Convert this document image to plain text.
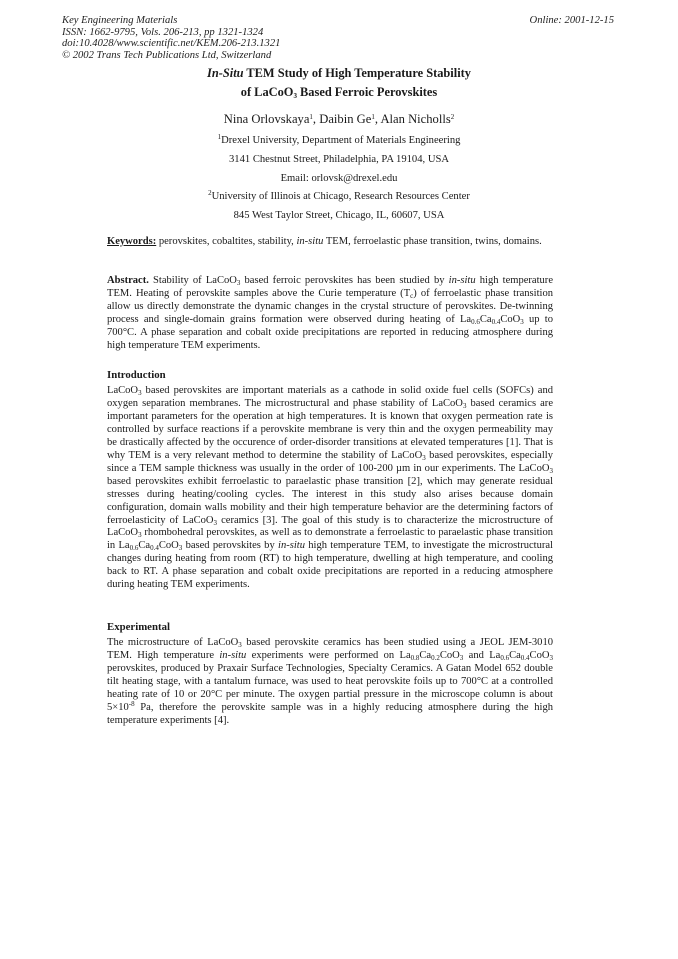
Key Engineering Materials
ISSN: 1662-9795, Vols. 206-213, pp 1321-1324
doi:10.4028/www.scientific.net/KEM.206-213.1321
© 2002 Trans Tech Publications Ltd, Switzerland
Online: 2001-12-15
In-Situ TEM Study of High Temperature Stability
of LaCoO$_3$ Based Ferroic Perovskites
Nina Orlovskaya$^1$, Daibin Ge$^1$, Alan Nicholls$^2$
$^1$Drexel University, Department of Materials Engineering
3141 Chestnut Street, Philadelphia, PA 19104, USA
Email: orlovsk@drexel.edu
$^2$University of Illinois at Chicago, Research Resources Center
845 West Taylor Street, Chicago, IL, 60607, USA
Keywords: perovskites, cobaltites, stability, in-situ TEM, ferroelastic phase transition, twins, domains.
Abstract. Stability of LaCoO$_3$ based ferroic perovskites has been studied by in-situ high temperature TEM. Heating of perovskite samples above the Curie temperature $(T_c)$ of ferroelastic phase transition allow us directly demonstrate the dynamic changes in the crystal structure of perovskites. De-twinning process and single-domain grains formation were observed during heating of $La_{0.6}Ca_{0.4}CoO_3$ up to 700°C. A phase separation and cobalt oxide precipitations are reported in reducing atmosphere during high temperature TEM experiments.
Introduction
LaCoO$_3$ based perovskites are important materials as a cathode in solid oxide fuel cells (SOFCs) and oxygen separation membranes. The microstructural and phase stability of LaCoO$_3$ based ceramics are important parameters for the operation at high temperatures. It is known that oxygen permeation rate is controlled by surface reactions if a perovskite membrane is very thin and the oxygen permeability may be drastically affected by the occurence of order-disorder transitions at elevated temperatures [1]. That is why TEM is a very relevant method to determine the stability of LaCoO$_3$ based perovskites, especially since a TEM sample thickness was usually in the order of 100-200 µm in our experiments. The LaCoO$_3$ based perovskites exhibit ferroelastic to paraelastic phase transition [2], which may generate residual stresses during heating/cooling cycles. The interest in this study also arises because domain configuration, domain walls mobility and their high temperature behavior are the determining factors of ferroelasticity of LaCoO$_3$ ceramics [3]. The goal of this study is to characterize the microstructure of LaCoO$_3$ rhombohedral perovskites, as well as to demonstrate a ferroelastic to paraelastic phase transition in $La_{0.6}Ca_{0.4}CoO_3$ based perovskites by in-situ high temperature TEM, to investigate the microstructural changes during heating from room (RT) to high temperature, dwelling at high temperature, and cooling back to RT. A phase separation and cobalt oxide precipitations are reported in a reducing atmosphere during heating TEM experiments.
Experimental
The microstructure of LaCoO$_3$ based perovskite ceramics has been studied using a JEOL JEM-3010 TEM. High temperature in-situ experiments were performed on $La_{0.8}Ca_{0.2}CoO_3$ and $La_{0.6}Ca_{0.4}CoO_3$ perovskites, produced by Praxair Surface Technologies, Specialty Ceramics. A Gatan Model 652 double tilt heating stage, with a tantalum furnace, was used to heat perovskite foils up to 700°C at a controlled heating rate of 10 or 20°C per minute. The oxygen partial pressure in the microscope column is about $5\times 10^{-8}$ Pa, therefore the perovskite sample was in a highly reducing atmosphere during the high temperature experiments [4].
